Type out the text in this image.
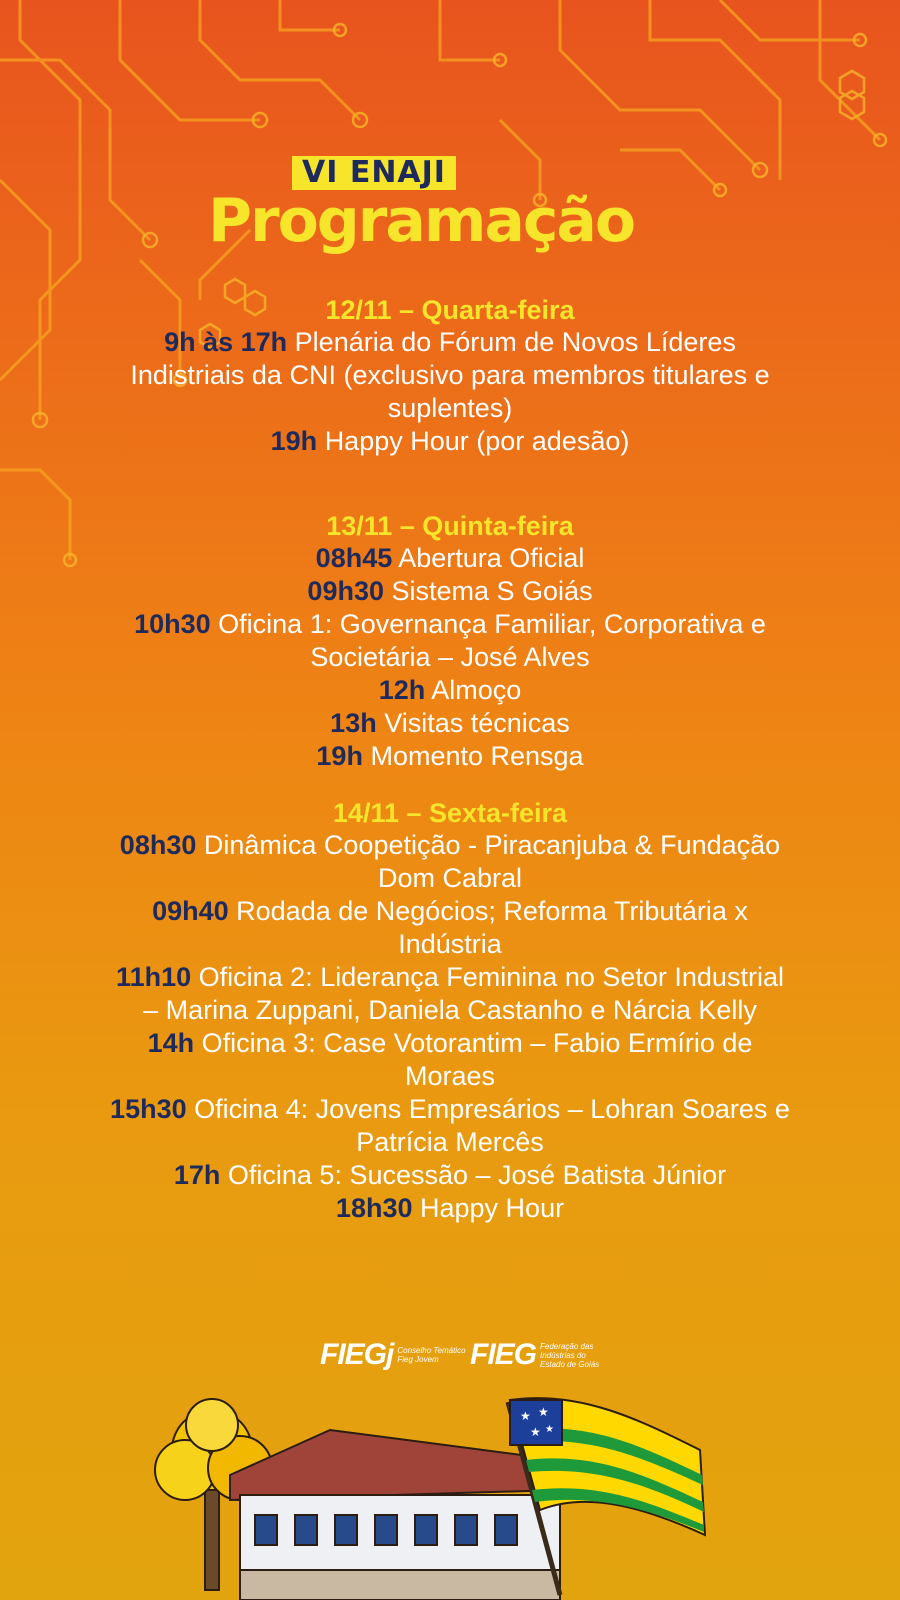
VI ENAJI
Programação
12/11 – Quarta-feira
9h às 17h Plenária do Fórum de Novos Líderes Indistriais da CNI (exclusivo para membros titulares e suplentes)
19h Happy Hour (por adesão)
13/11 – Quinta-feira
08h45 Abertura Oficial
09h30 Sistema S Goiás
10h30 Oficina 1: Governança Familiar, Corporativa e Societária – José Alves
12h Almoço
13h Visitas técnicas
19h Momento Rensga
14/11 – Sexta-feira
08h30 Dinâmica Coopetição - Piracanjuba & Fundação Dom Cabral
09h40 Rodada de Negócios; Reforma Tributária x Indústria
11h10 Oficina 2: Liderança Feminina no Setor Industrial – Marina Zuppani, Daniela Castanho e Nárcia Kelly
14h Oficina 3: Case Votorantim – Fabio Ermírio de Moraes
15h30 Oficina 4: Jovens Empresários – Lohran Soares e Patrícia Mercês
17h Oficina 5: Sucessão – José Batista Júnior
18h30 Happy Hour
FIEGj Conselho Temático Fieg Jovem	FIEG Federação das Indústrias do Estado de Goiás
★ ★
★ ★
